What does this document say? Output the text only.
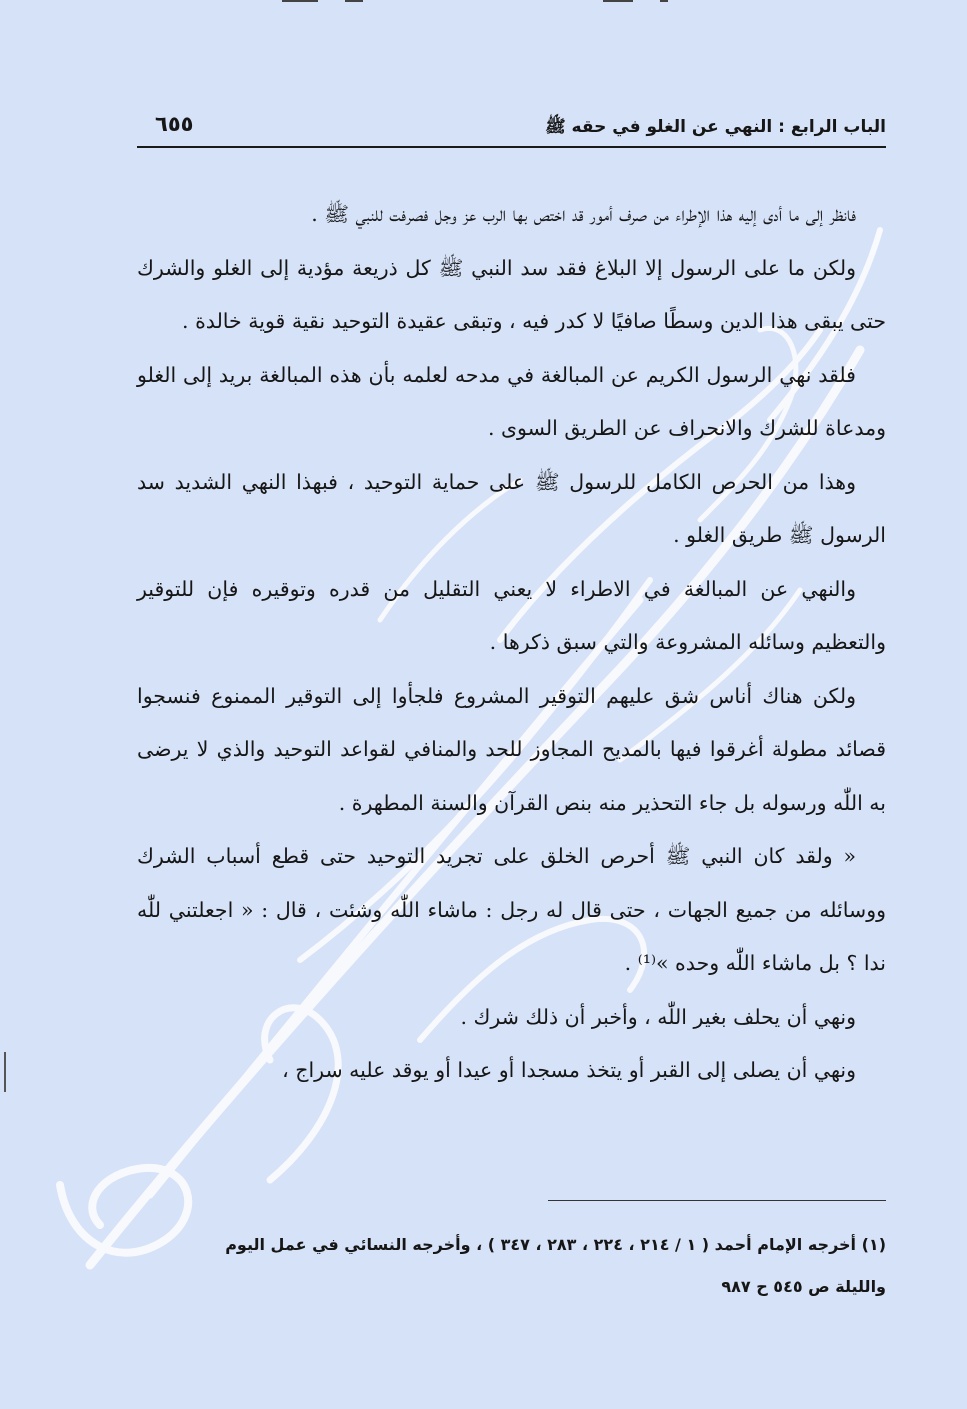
الباب الرابع : النهي عن الغلو في حقه ﷺ
٦٥٥

فانظر إلى ما أدى إليه هذا الإطراء من صرف أمور قد اختص بها الرب عز وجل فصرفت للنبي ﷺ .

ولكن ما على الرسول إلا البلاغ فقد سد النبي ﷺ كل ذريعة مؤدية إلى الغلو والشرك حتى يبقى هذا الدين وسطًا صافيًا لا كدر فيه ، وتبقى عقيدة التوحيد نقية قوية خالدة .

فلقد نهي الرسول الكريم عن المبالغة في مدحه لعلمه بأن هذه المبالغة بريد إلى الغلو ومدعاة للشرك والانحراف عن الطريق السوى .

وهذا من الحرص الكامل للرسول ﷺ على حماية التوحيد ، فبهذا النهي الشديد سد الرسول ﷺ طريق الغلو .

والنهي عن المبالغة في الاطراء لا يعني التقليل من قدره وتوقيره فإن للتوقير والتعظيم وسائله المشروعة والتي سبق ذكرها .

ولكن هناك أناس شق عليهم التوقير المشروع فلجأوا إلى التوقير الممنوع فنسجوا قصائد مطولة أغرقوا فيها بالمديح المجاوز للحد والمنافي لقواعد التوحيد والذي لا يرضى به اللّٰه ورسوله بل جاء التحذير منه بنص القرآن والسنة المطهرة .

« ولقد كان النبي ﷺ أحرص الخلق على تجريد التوحيد حتى قطع أسباب الشرك ووسائله من جميع الجهات ، حتى قال له رجل : ماشاء اللّٰه وشئت ، قال : « اجعلتني للّٰه ندا ؟ بل ماشاء اللّٰه وحده »⁽¹⁾ .

ونهي أن يحلف بغير اللّٰه ، وأخبر أن ذلك شرك .

ونهي أن يصلى إلى القبر أو يتخذ مسجدا أو عيدا أو يوقد عليه سراج ،

(١) أخرجه الإمام أحمد ( ١ / ٢١٤ ، ٢٢٤ ، ٢٨٣ ، ٣٤٧ ) ، وأخرجه النسائي في عمل اليوم

والليلة ص ٥٤٥ ح ٩٨٧
